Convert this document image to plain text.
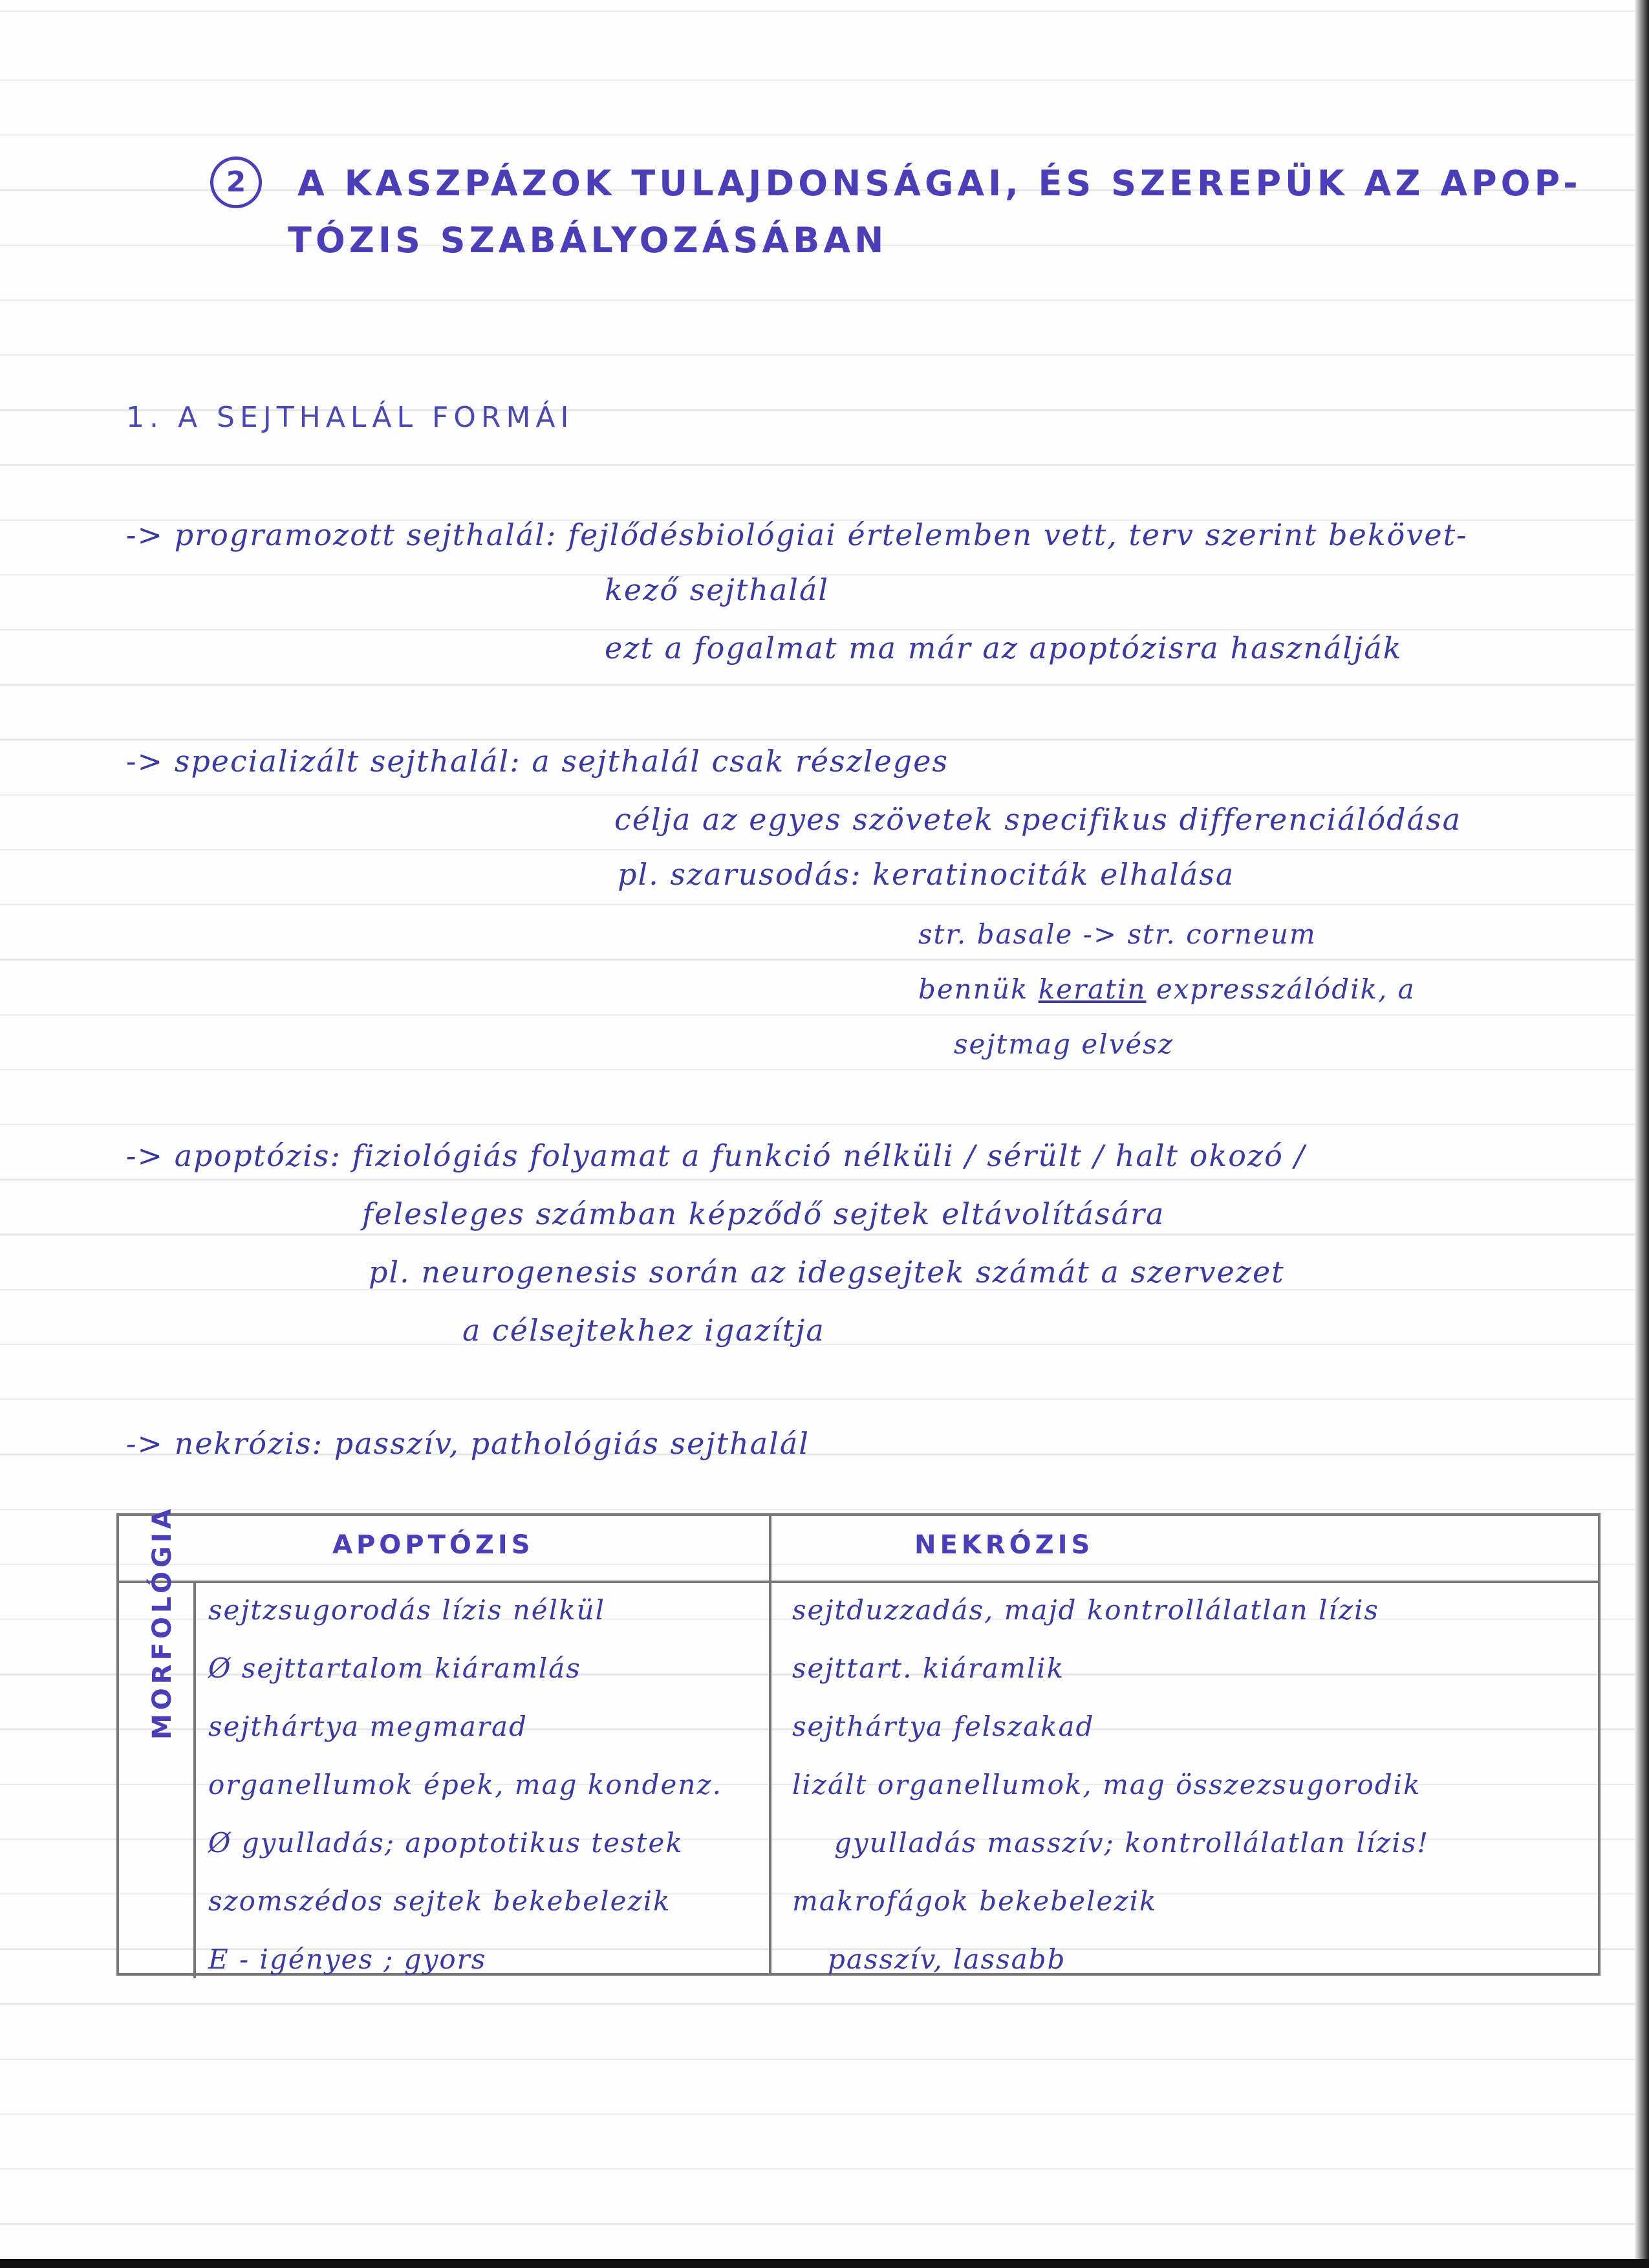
2	A KASZPÁZOK TULAJDONSÁGAI, ÉS SZEREPÜK AZ APOP-
TÓZIS SZABÁLYOZÁSÁBAN
1. A SEJTHALÁL FORMÁI
-> programozott sejthalál: fejlődésbiológiai értelemben vett, terv szerint bekövet-
kező sejthalál
ezt a fogalmat ma már az apoptózisra használják
-> specializált sejthalál: a sejthalál csak részleges
célja az egyes szövetek specifikus differenciálódása
pl. szarusodás: keratinociták elhalása
str. basale -> str. corneum
bennük keratin expresszálódik, a
sejtmag elvész
-> apoptózis: fiziológiás folyamat a funkció nélküli / sérült / halt okozó /
felesleges számban képződő sejtek eltávolítására
pl. neurogenesis során az idegsejtek számát a szervezet
a célsejtekhez igazítja
-> nekrózis: passzív, pathológiás sejthalál
APOPTÓZIS	NEKRÓZIS
MORFOLÓGIA sejtzsugorodás lízis nélkül
Ø sejttartalom kiáramlás
sejthártya megmarad
organellumok épek, mag kondenz.
Ø gyulladás; apoptotikus testek
szomszédos sejtek bekebelezik
E - igényes ; gyors
sejtduzzadás, majd kontrollálatlan lízis
sejttart. kiáramlik
sejthártya felszakad
lizált organellumok, mag összezsugorodik
gyulladás masszív; kontrollálatlan lízis!
makrofágok bekebelezik
passzív, lassabb
